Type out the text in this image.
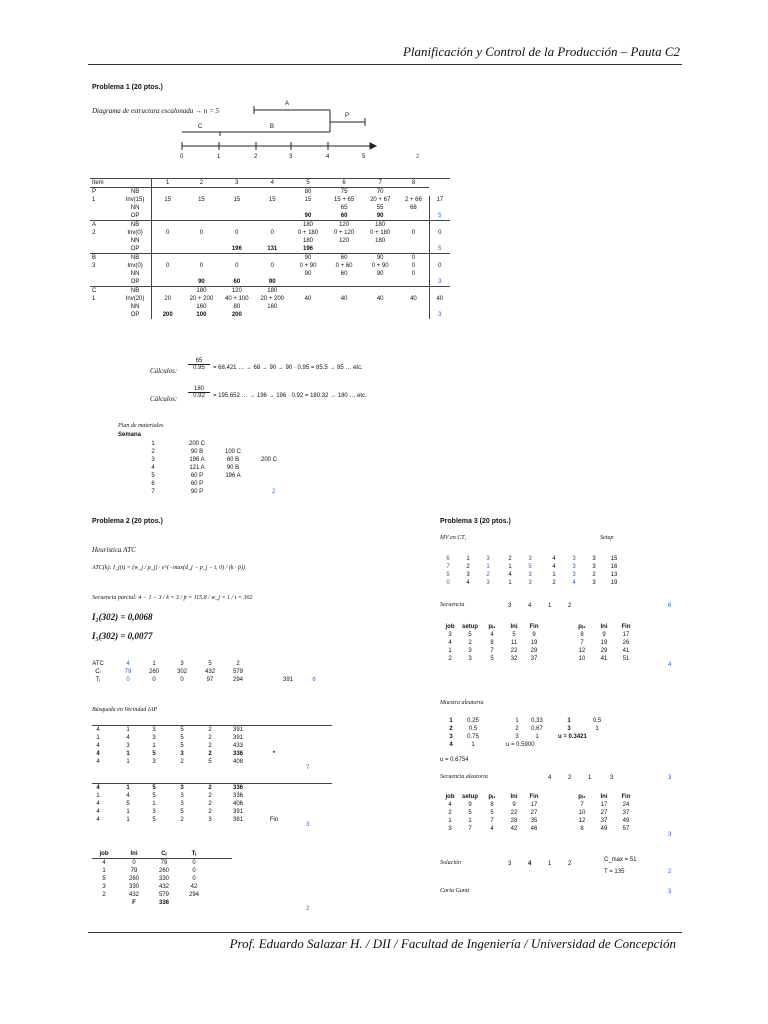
Planificación y Control de la Producción – Pauta C2
Problema 1 (20 ptos.)
Diagrama de estructura escalonada → n = 5
A
P
C	B
0	1	2	3	4	5	2
Item		1	2	3	4	5	6	7	8	
P	NB					80	75	70		
1	Inv(15)	15	15	15	15	15	15 + 65	20 + 67	2 + 66	17
	NN						65	55	68	
	OP					90	60	90		5
A	NB					180	120	180		
2	Inv(0)	0	0	0	0	0 + 180	0 + 120	0 + 180	0	0
	NN					180	120	180		
	OP			196	131	196				5
B	NB					90	60	90	0	
3	Inv(0)	0	0	0	0	0 + 90	0 + 60	0 + 90	0	0
	NN					90	60	90	0	
	OP		90	60	90					3
C	NB		180	120	180					
1	Inv(20)	20	20 + 200	40 + 100	20 + 200	40	40	40	40	40
	NN		160	80	160					
	OP	200	100	200						3
Cálculos: $\frac{65}{0.95} = 68.421$ … → 68 → 90 → 90 · 0.95 = 85.5 → 85 … etc.
Cálculos: $\frac{180}{0.92} = 195.652$ … → 196 → 196 · 0.92 = 180.32 → 180 … etc.
Plan de materiales
Semana
1	200 C
2	90 B	100 C
3	196 A	60 B	200 C
4	121 A	90 B
5	60 P	196 A
6	60 P
7	90 P	2
Problema 2 (20 ptos.)
Heurística ATC
ATC(k): I_j(t) = (w_j / p_j) · e^(−max(d_j − p_j − t, 0) / (k · p̄))
Secuencia parcial: 4 − 1 − 3 / k = 3 / p̄ = 115.8 / w_j = 1 / t = 302
I₂(302) = 0,0068
I₅(302) = 0,0077
ATC	4	1	3	5	2
Cⱼ	79	260	302	432	579
Tⱼ	0	0	0	97	294	391	6
Búsqueda en Vecindad IAP
4	1	3	5	2	391
1	4	3	5	2	391
4	3	1	5	2	433
4	1	5	3	2	336	*
4	1	3	2	5	408
4	1	5	3	2	336
1	4	5	3	2	336
4	5	1	3	2	406
4	1	3	5	2	391
4	1	5	2	3	381	Fin
job	Ini	Cⱼ	Tⱼ
4	0	79	0
1	79	260	0
5	260	330	0
3	330	432	42
2	432	579	294
F	336
2
Problema 3 (20 ptos.)
MV en CT₁	Setup
6	1	3	2	3	4	3	3	15
7	2	1	1	5	4	3	3	16
5	3	2	4	3	1	3	2	13
0	4	3	1	3	2	4	3	19
Secuencia	3	4	1	2	6
job	setup	pⱼ₁	Ini	Fin	pⱼ₂	Ini	Fin
3	5	4	5	9	8	9	17
4	2	8	11	19	7	19	26
1	3	7	22	29	12	29	41
2	3	5	32	37	10	41	51
Muestra aleatoria
1	0.25	1	0,33	1	0.5
2	0.5	2	0,67	3	1
3	0.75	3	1	u = 0.3421
4	1	u = 0.5900
u = 0.6754
Secuencia aleatoria	4	2	1	3	3
job	setup	pⱼ₁	Ini	Fin	pⱼ₂	Ini	Fin
4	9	8	9	17	7	17	24
2	5	5	22	27	10	27	37
1	1	7	28	35	12	37	49
3	7	4	42	46	8	49	57
Solución	3	4	1	2
C_max = 51
T = 135	2
Carta Gantt	3
Prof. Eduardo Salazar H. / DII / Facultad de Ingeniería / Universidad de Concepción
7
3
4
3
